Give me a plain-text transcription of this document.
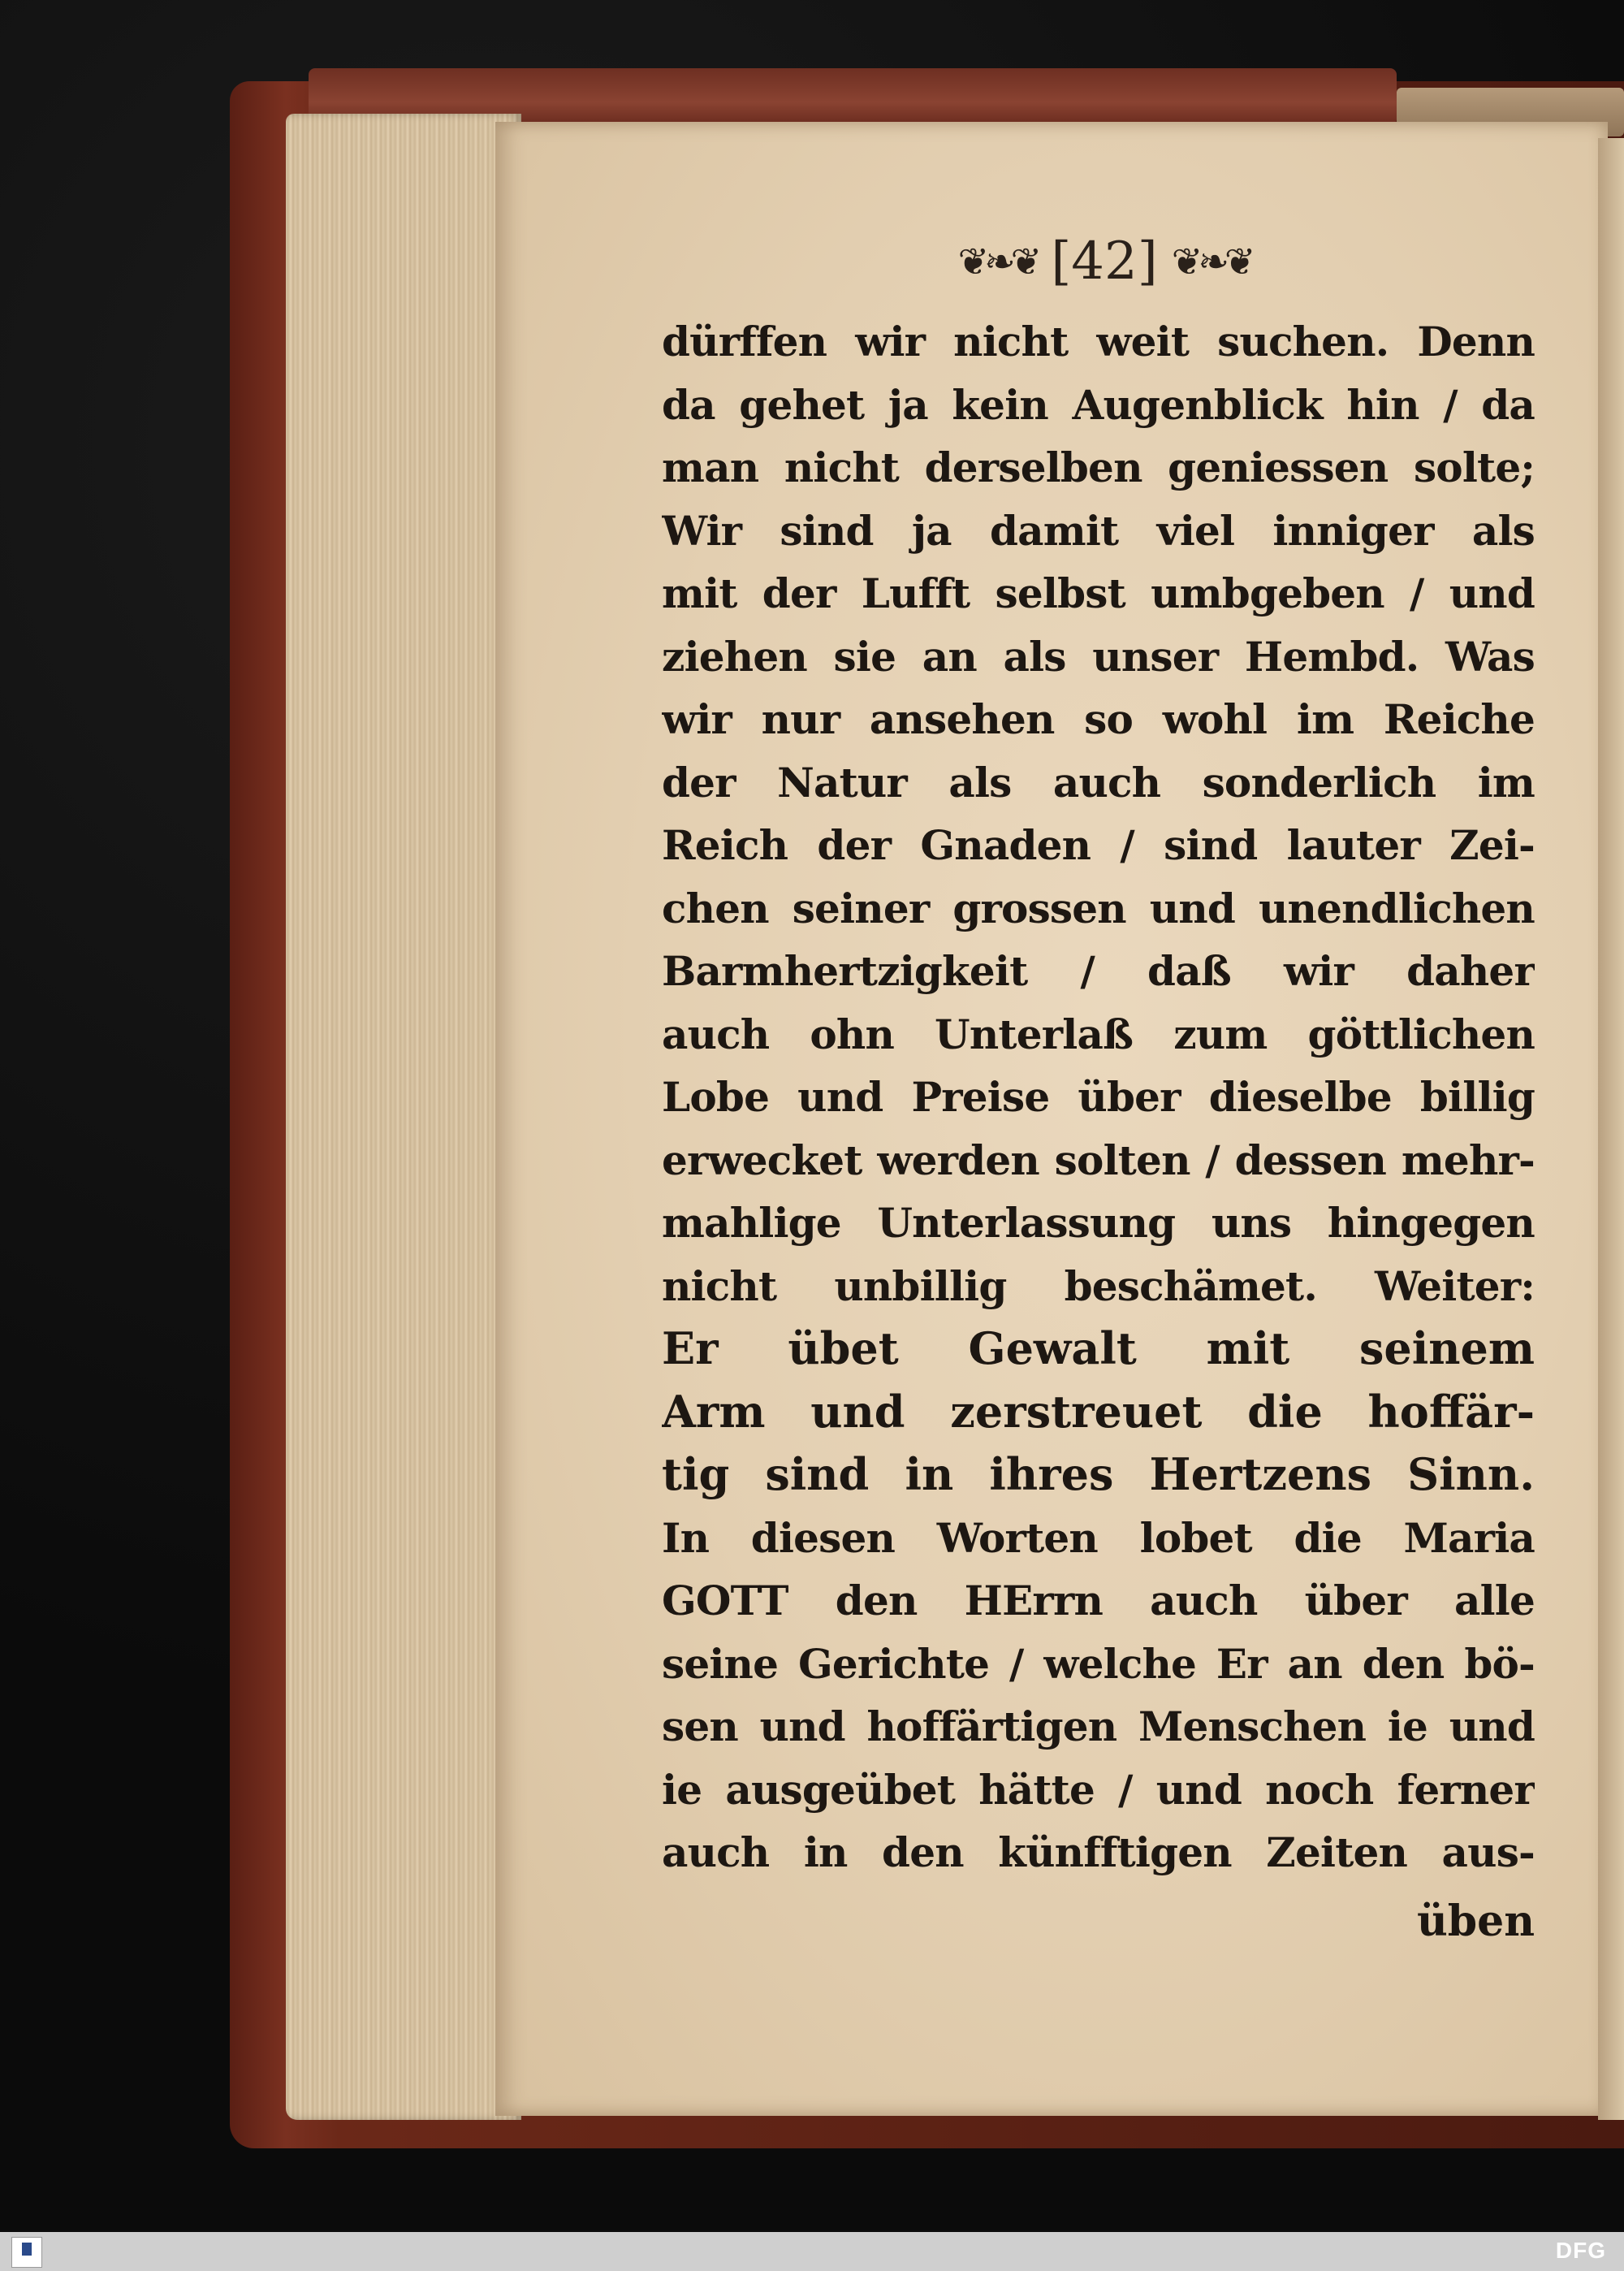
❦❧❦ [42] ❦❧❦
dürffen wir nicht weit suchen. Denn
da gehet ja kein Augenblick hin / da
man nicht derselben geniessen solte;
Wir sind ja damit viel inniger als
mit der Lufft selbst umbgeben / und
ziehen sie an als unser Hembd. Was
wir nur ansehen so wohl im Reiche
der Natur als auch sonderlich im
Reich der Gnaden / sind lauter Zei-
chen seiner grossen und unendlichen
Barmhertzigkeit / daß wir daher
auch ohn Unterlaß zum göttlichen
Lobe und Preise über dieselbe billig
erwecket werden solten / dessen mehr-
mahlige Unterlassung uns hingegen
nicht unbillig beschämet. Weiter:
Er übet Gewalt mit seinem
Arm und zerstreuet die hoffär-
tig sind in ihres Hertzens Sinn.
In diesen Worten lobet die Maria
GOTT den HErrn auch über alle
seine Gerichte / welche Er an den bö-
sen und hoffärtigen Menschen ie und
ie ausgeübet hätte / und noch ferner
auch in den künfftigen Zeiten aus-
üben
DFG
